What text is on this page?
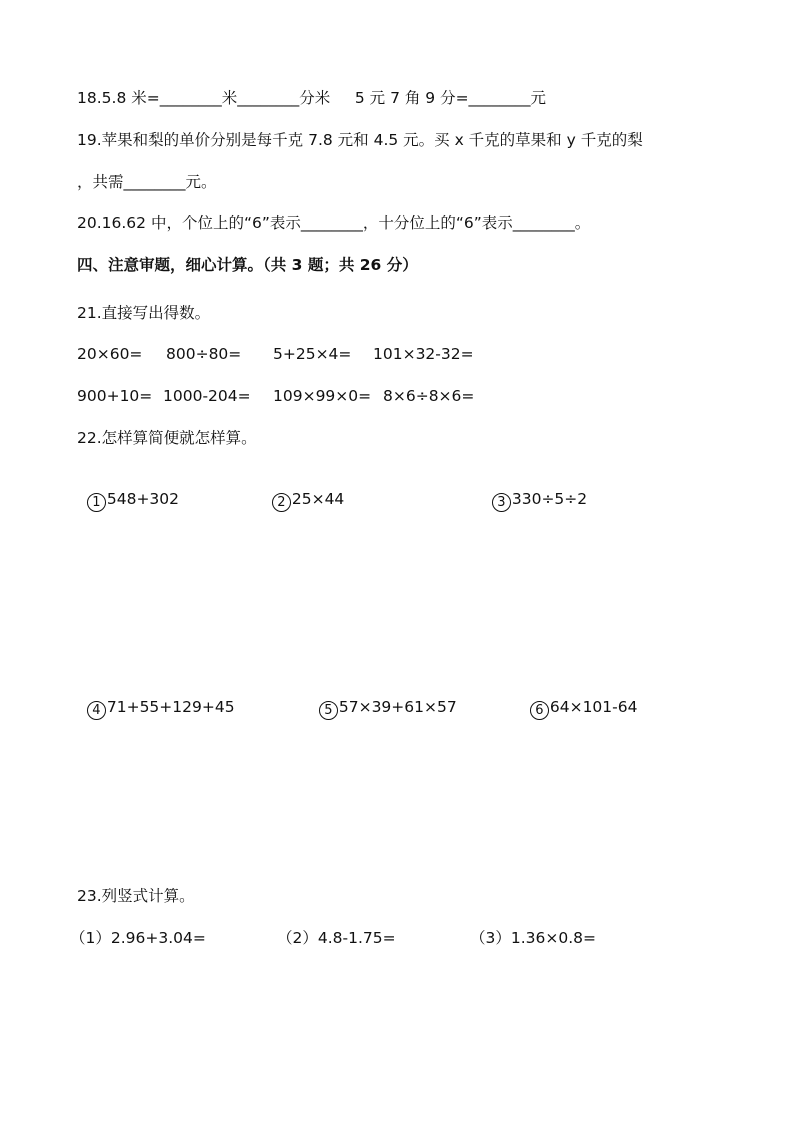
18.5.8 米=________米________分米     5 元 7 角 9 分=________元
19.苹果和梨的单价分别是每千克 7.8 元和 4.5 元。买 x 千克的草果和 y 千克的梨
，共需________元。
20.16.62 中，个位上的“6”表示________，十分位上的“6”表示________。
四、注意审题，细心计算。（共 3 题；共 26 分）
21.直接写出得数。
20×60= 800÷80= 5+25×4= 101×32-32=
900+10= 1000-204= 109×99×0= 8×6÷8×6=
22.怎样算简便就怎样算。

1 548+302	2 25×44	3 330÷5÷2

4 71+55+129+45	5 57×39+61×57	6 64×101-64

23.列竖式计算。
（1）2.96+3.04=	（2）4.8-1.75=	（3）1.36×0.8=
